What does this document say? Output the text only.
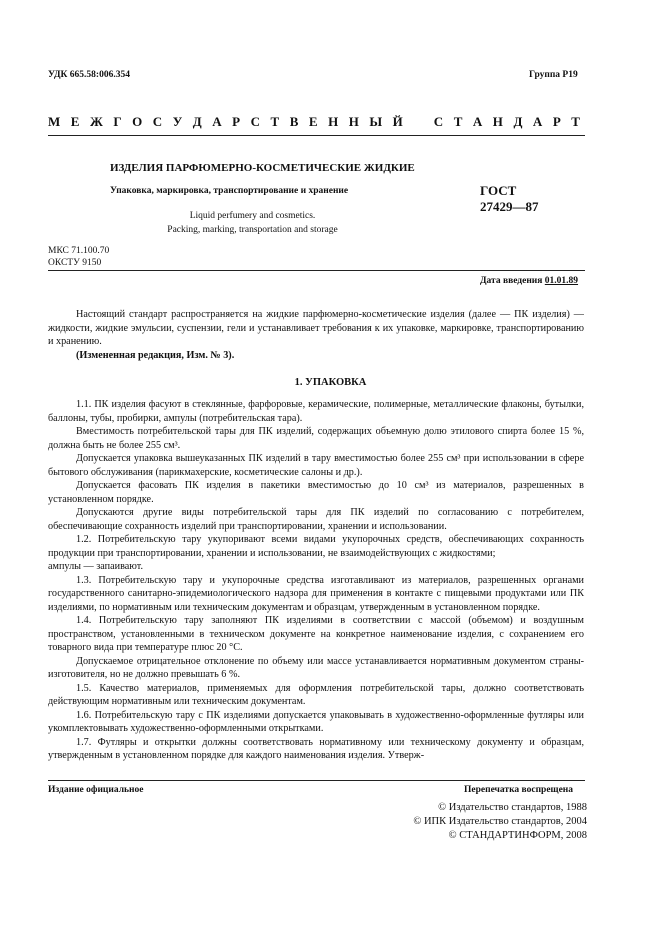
УДК 665.58:006.354	Группа Р19
М Е Ж Г О С У Д А Р С Т В Е Н Н Ы Й С Т А Н Д А Р Т
ИЗДЕЛИЯ ПАРФЮМЕРНО-КОСМЕТИЧЕСКИЕ ЖИДКИЕ
Упаковка, маркировка, транспортирование и хранение
Liquid perfumery and cosmetics.
Packing, marking, transportation and storage
ГОСТ
27429—87
МКС 71.100.70
ОКСТУ 9150
Дата введения 01.01.89

Настоящий стандарт распространяется на жидкие парфюмерно-косметические изделия (далее — ПК изделия) — жидкости, жидкие эмульсии, суспензии, гели и устанавливает требования к их упаковке, маркировке, транспортированию и хранению.

(Измененная редакция, Изм. № 3).

1. УПАКОВКА

1.1. ПК изделия фасуют в стеклянные, фарфоровые, керамические, полимерные, металлические флаконы, бутылки, баллоны, тубы, пробирки, ампулы (потребительская тара).

Вместимость потребительской тары для ПК изделий, содержащих объемную долю этилового спирта более 15 %, должна быть не более 255 см³.

Допускается упаковка вышеуказанных ПК изделий в тару вместимостью более 255 см³ при использовании в сфере бытового обслуживания (парикмахерские, косметические салоны и др.).

Допускается фасовать ПК изделия в пакетики вместимостью до 10 см³ из материалов, разрешенных в установленном порядке.

Допускаются другие виды потребительской тары для ПК изделий по согласованию с потребителем, обеспечивающие сохранность изделий при транспортировании, хранении и использовании.

1.2. Потребительскую тару укупоривают всеми видами укупорочных средств, обеспечивающих сохранность продукции при транспортировании, хранении и использовании, не взаимодействующих с жидкостями;

ампулы — запаивают.

1.3. Потребительскую тару и укупорочные средства изготавливают из материалов, разрешенных органами государственного санитарно-эпидемиологического надзора для применения в контакте с пищевыми продуктами или ПК изделиями, по нормативным или техническим документам и образцам, утвержденным в установленном порядке.

1.4. Потребительскую тару заполняют ПК изделиями в соответствии с массой (объемом) и воздушным пространством, установленными в техническом документе на конкретное наименование изделия, с сохранением его товарного вида при температуре плюс 20 °С.

Допускаемое отрицательное отклонение по объему или массе устанавливается нормативным документом страны-изготовителя, но не должно превышать 6 %.

1.5. Качество материалов, применяемых для оформления потребительской тары, должно соответствовать действующим нормативным или техническим документам.

1.6. Потребительскую тару с ПК изделиями допускается упаковывать в художественно-оформленные футляры или укомплектовывать художественно-оформленными открытками.

1.7. Футляры и открытки должны соответствовать нормативному или техническому документу и образцам, утвержденным в установленном порядке для каждого наименования изделия. Утверж-

Издание официальное	Перепечатка воспрещена
© Издательство стандартов, 1988
© ИПК Издательство стандартов, 2004
© СТАНДАРТИНФОРМ, 2008
